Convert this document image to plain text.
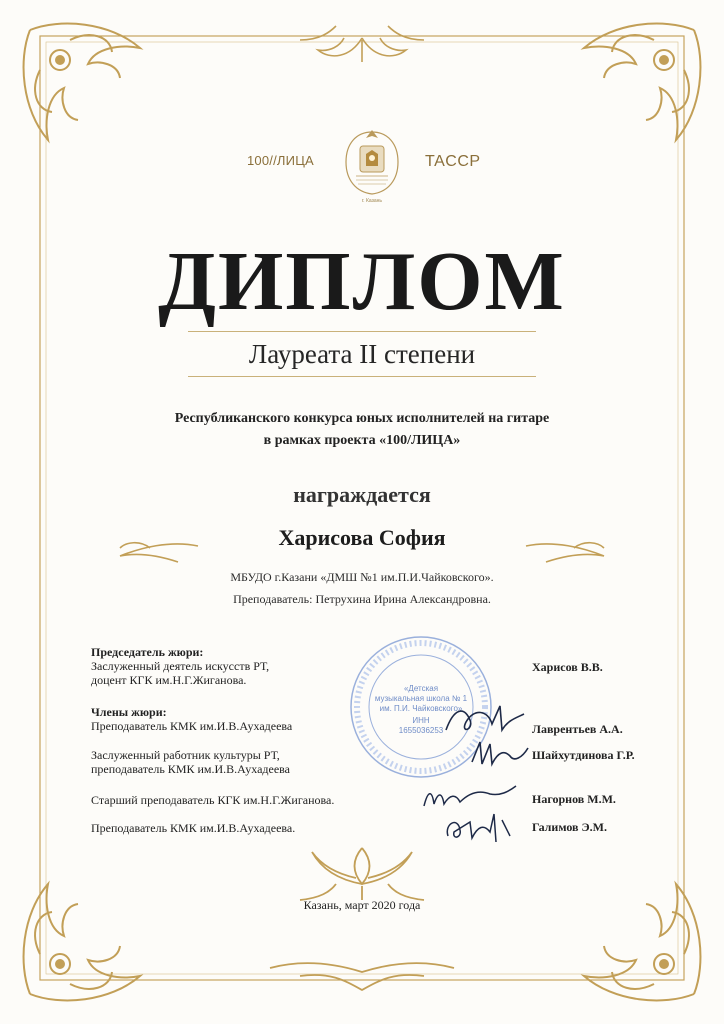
100//ЛИЦА
г. Казань
TACCP
ДИПЛОМ
Лауреата II степени
Республиканского конкурса юных исполнителей на гитаре
в рамках проекта «100/ЛИЦА»
награждается
Харисова София
МБУДО г.Казани «ДМШ №1 им.П.И.Чайковского».
Преподаватель: Петрухина Ирина Александровна.
«Детская
музыкальная школа № 1
им. П.И. Чайковского»
ИНН
1655036253
Председатель жюри:
Заслуженный деятель искусств РТ,
доцент КГК им.Н.Г.Жиганова.
Харисов В.В.
Члены жюри:
Преподаватель КМК им.И.В.Аухадеева	Лаврентьев А.А.
Заслуженный работник культуры РТ,
преподаватель КМК им.И.В.Аухадеева
Шайхутдинова Г.Р.
Старший преподаватель КГК им.Н.Г.Жиганова.	Нагорнов М.М.
Преподаватель КМК им.И.В.Аухадеева.	Галимов Э.М.
Казань, март 2020 года
